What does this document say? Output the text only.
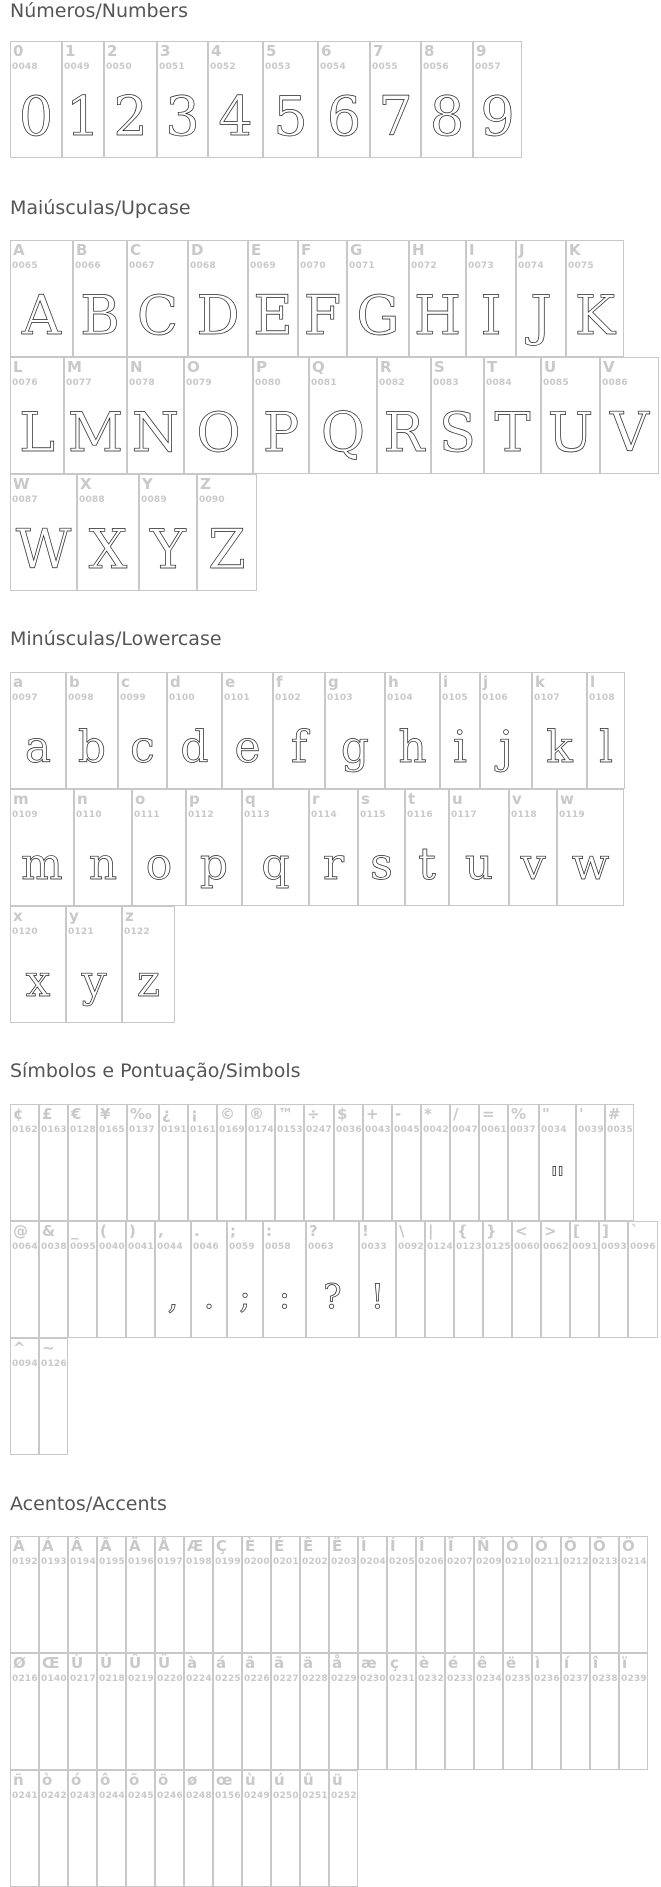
Números/Numbers
0
0048
0
1
0049
1
2
0050
2
3
0051
3
4
0052
4
5
0053
5
6
0054
6
7
0055
7
8
0056
8
9
0057
9
Maiúsculas/Upcase
A
0065
A
B
0066
B
C
0067
C
D
0068
D
E
0069
E
F
0070
F
G
0071
G
H
0072
H
I
0073
I
J
0074
J
K
0075
K
L
0076
L
M
0077
M
N
0078
N
O
0079
O
P
0080
P
Q
0081
Q
R
0082
R
S
0083
S
T
0084
T
U
0085
U
V
0086
V
W
0087
W
X
0088
X
Y
0089
Y
Z
0090
Z
Minúsculas/Lowercase
a
0097
a
b
0098
b
c
0099
c
d
0100
d
e
0101
e
f
0102
f
g
0103
g
h
0104
h
i
0105
i
j
0106
j
k
0107
k
l
0108
l
m
0109
m
n
0110
n
o
0111
o
p
0112
p
q
0113
q
r
0114
r
s
0115
s
t
0116
t
u
0117
u
v
0118
v
w
0119
w
x
0120
x
y
0121
y
z
0122
z
Símbolos e Pontuação/Simbols
¢
0162
£
0163
€
0128
¥
0165
‰
0137
¿
0191
¡
0161
©
0169
®
0174
™
0153
÷
0247
$
0036
+
0043
-
0045
*
0042
/
0047
=
0061
%
0037
"
0034
"
'
0039
#
0035
@
0064
&
0038
_
0095
(
0040
)
0041
,
0044
,
.
0046
.
;
0059
;
:
0058
:
?
0063
?
!
0033
!
\
0092
|
0124
{
0123
}
0125
<
0060
>
0062
[
0091
]
0093
`
0096
^
0094
~
0126
Acentos/Accents
À
0192
Á
0193
Â
0194
Ã
0195
Ä
0196
Å
0197
Æ
0198
Ç
0199
È
0200
É
0201
Ê
0202
Ë
0203
Ì
0204
Í
0205
Î
0206
Ï
0207
Ñ
0209
Ò
0210
Ó
0211
Ô
0212
Õ
0213
Ö
0214
Ø
0216
Œ
0140
Ù
0217
Ú
0218
Û
0219
Ü
0220
à
0224
á
0225
â
0226
ã
0227
ä
0228
å
0229
æ
0230
ç
0231
è
0232
é
0233
ê
0234
ë
0235
ì
0236
í
0237
î
0238
ï
0239
ñ
0241
ò
0242
ó
0243
ô
0244
õ
0245
ö
0246
ø
0248
œ
0156
ù
0249
ú
0250
û
0251
ü
0252
